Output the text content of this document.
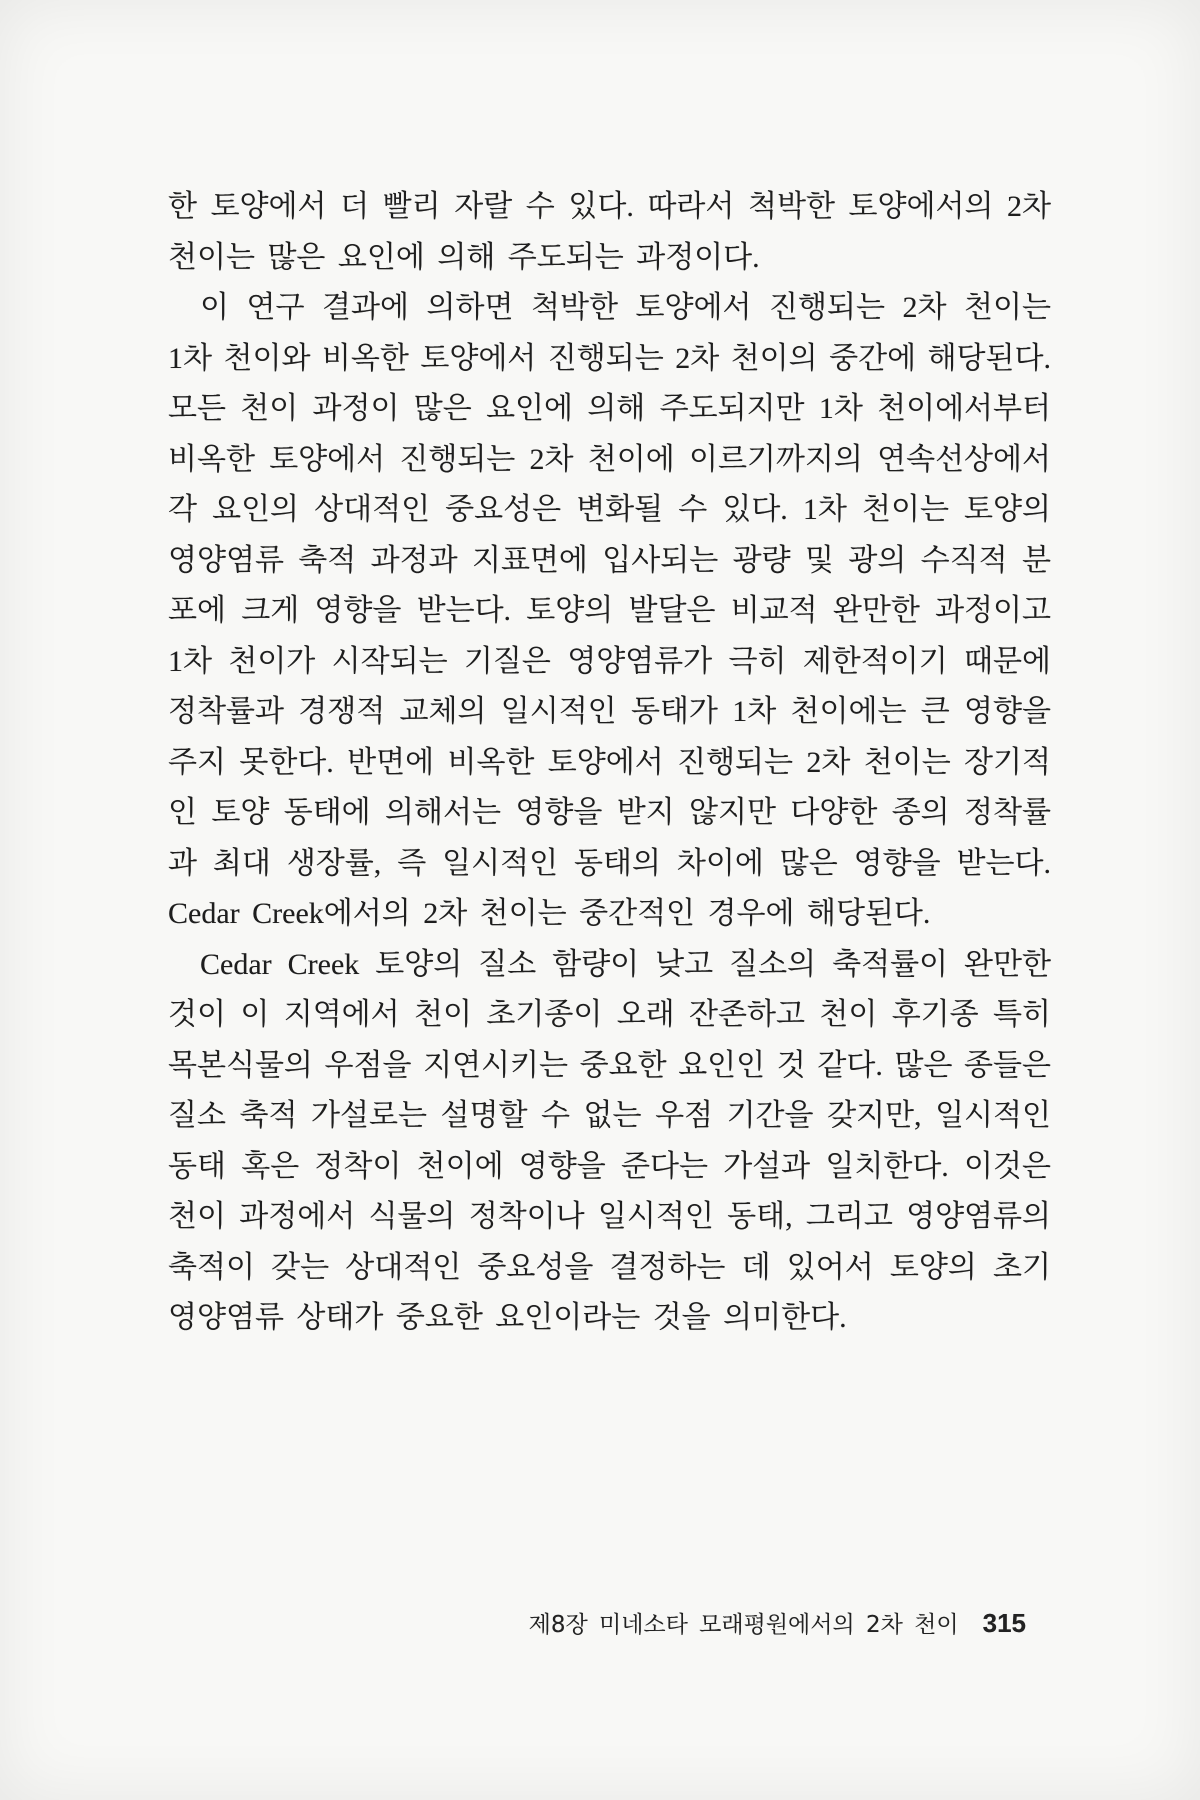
한 토양에서 더 빨리 자랄 수 있다. 따라서 척박한 토양에서의 2차
천이는 많은 요인에 의해 주도되는 과정이다.
이 연구 결과에 의하면 척박한 토양에서 진행되는 2차 천이는
1차 천이와 비옥한 토양에서 진행되는 2차 천이의 중간에 해당된다.
모든 천이 과정이 많은 요인에 의해 주도되지만 1차 천이에서부터
비옥한 토양에서 진행되는 2차 천이에 이르기까지의 연속선상에서
각 요인의 상대적인 중요성은 변화될 수 있다. 1차 천이는 토양의
영양염류 축적 과정과 지표면에 입사되는 광량 및 광의 수직적 분
포에 크게 영향을 받는다. 토양의 발달은 비교적 완만한 과정이고
1차 천이가 시작되는 기질은 영양염류가 극히 제한적이기 때문에
정착률과 경쟁적 교체의 일시적인 동태가 1차 천이에는 큰 영향을
주지 못한다. 반면에 비옥한 토양에서 진행되는 2차 천이는 장기적
인 토양 동태에 의해서는 영향을 받지 않지만 다양한 종의 정착률
과 최대 생장률, 즉 일시적인 동태의 차이에 많은 영향을 받는다.
Cedar Creek에서의 2차 천이는 중간적인 경우에 해당된다.
Cedar Creek 토양의 질소 함량이 낮고 질소의 축적률이 완만한
것이 이 지역에서 천이 초기종이 오래 잔존하고 천이 후기종 특히
목본식물의 우점을 지연시키는 중요한 요인인 것 같다. 많은 종들은
질소 축적 가설로는 설명할 수 없는 우점 기간을 갖지만, 일시적인
동태 혹은 정착이 천이에 영향을 준다는 가설과 일치한다. 이것은
천이 과정에서 식물의 정착이나 일시적인 동태, 그리고 영양염류의
축적이 갖는 상대적인 중요성을 결정하는 데 있어서 토양의 초기
영양염류 상태가 중요한 요인이라는 것을 의미한다.
제8장 미네소타 모래평원에서의 2차 천이 315
